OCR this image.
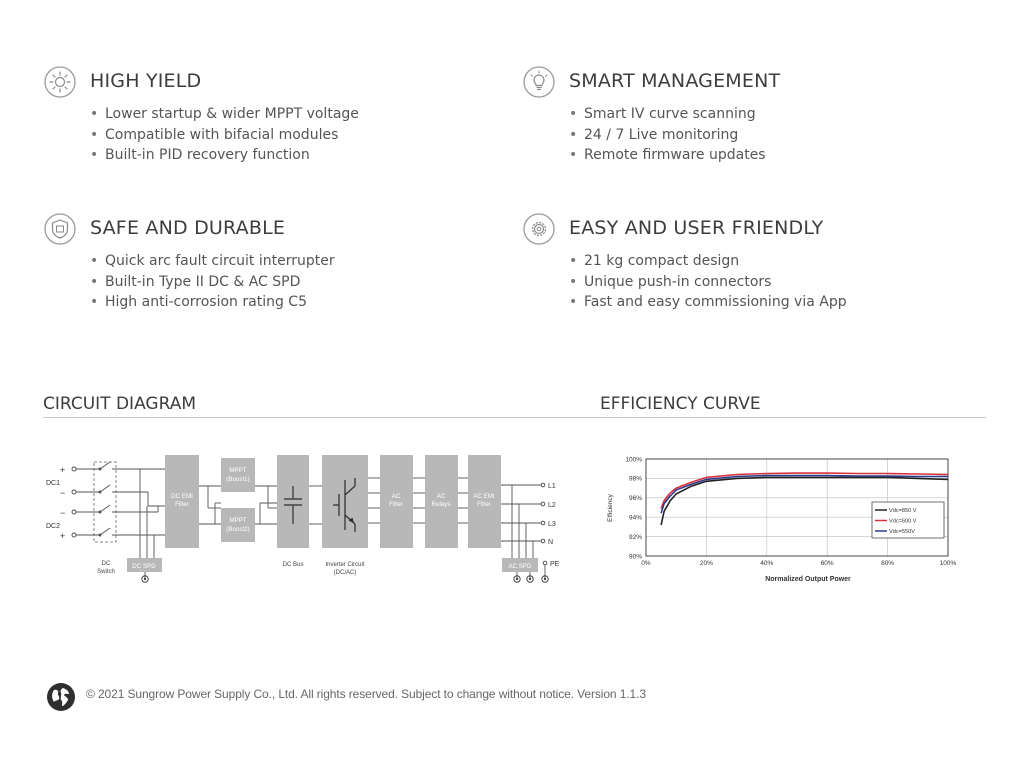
HIGH YIELD
• Lower startup & wider MPPT voltage
• Compatible with bifacial modules
• Built-in PID recovery function
SMART MANAGEMENT
• Smart IV curve scanning
• 24 / 7 Live monitoring
• Remote firmware updates
SAFE AND DURABLE
• Quick arc fault circuit interrupter
• Built-in Type II DC & AC SPD
• High anti-corrosion rating C5
EASY AND USER FRIENDLY
• 21 kg compact design
• Unique push-in connectors
• Fast and easy commissioning via App
CIRCUIT DIAGRAM	EFFICIENCY CURVE
+
−
−
+
DC1
DC2
DC EMI
Filter
MPPT
(Boost1)
MPPT
(Boost2)
AC
Filter
AC
Relays
AC EMI
Filter
DC SPD	AC SPD
DC
Switch
DC Bus	Inverter Circuit
(DC/AC)
L1
L2
L3
N
PE
90%
92%
94%
96%
98%
100%
0%	20%	40%	60%	80%	100%
Efficiency
Normalized Output Power
Vdc=850 V
Vdc=600 V
Vdc=550V
© 2021 Sungrow Power Supply Co., Ltd. All rights reserved. Subject to change without notice. Version 1.1.3
